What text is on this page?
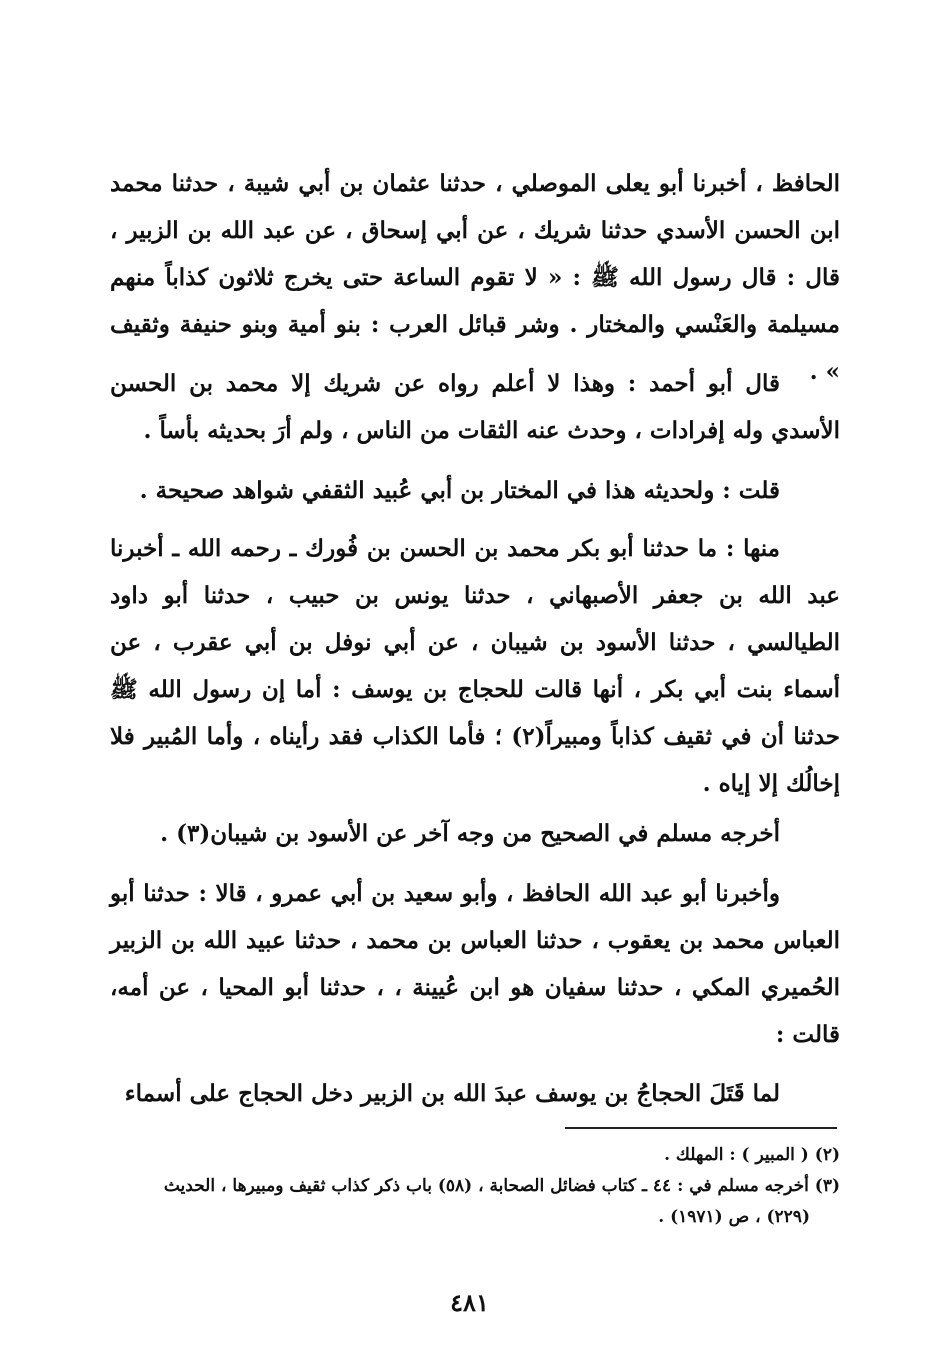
الحافظ ، أخبرنا أبو يعلى الموصلي ، حدثنا عثمان بن أبي شيبة ، حدثنا محمد ابن الحسن الأسدي حدثنا شريك ، عن أبي إسحاق ، عن عبد الله بن الزبير ، قال : قال رسول الله ﷺ : « لا تقوم الساعة حتى يخرج ثلاثون كذاباً منهم مسيلمة والعَنْسي والمختار . وشر قبائل العرب : بنو أمية وبنو حنيفة وثقيف » .

قال أبو أحمد : وهذا لا أعلم رواه عن شريك إلا محمد بن الحسن الأسدي وله إفرادات ، وحدث عنه الثقات من الناس ، ولم أرَ بحديثه بأساً .

قلت : ولحديثه هذا في المختار بن أبي عُبيد الثقفي شواهد صحيحة .

منها : ما حدثنا أبو بكر محمد بن الحسن بن فُورك ـ رحمه الله ـ أخبرنا عبد الله بن جعفر الأصبهاني ، حدثنا يونس بن حبيب ، حدثنا أبو داود الطيالسي ، حدثنا الأسود بن شيبان ، عن أبي نوفل بن أبي عقرب ، عن أسماء بنت أبي بكر ، أنها قالت للحجاج بن يوسف : أما إن رسول الله ﷺ حدثنا أن في ثقيف كذاباً ومبيراً(٢) ؛ فأما الكذاب فقد رأيناه ، وأما المُبير فلا إخالُك إلا إياه .

أخرجه مسلم في الصحيح من وجه آخر عن الأسود بن شيبان(٣) .

وأخبرنا أبو عبد الله الحافظ ، وأبو سعيد بن أبي عمرو ، قالا : حدثنا أبو العباس محمد بن يعقوب ، حدثنا العباس بن محمد ، حدثنا عبيد الله بن الزبير الحُميري المكي ، حدثنا سفيان هو ابن عُيينة ، ، حدثنا أبو المحيا ، عن أمه، قالت :

لما قَتَلَ الحجاجُ بن يوسف عبدَ الله بن الزبير دخل الحجاج على أسماء

(٢) ( المبير ) : المهلك .

(٣) أخرجه مسلم في : ٤٤ ـ كتاب فضائل الصحابة ، (٥٨) باب ذكر كذاب ثقيف ومبيرها ، الحديث

(٢٢٩) ، ص (١٩٧١) .

٤٨١
